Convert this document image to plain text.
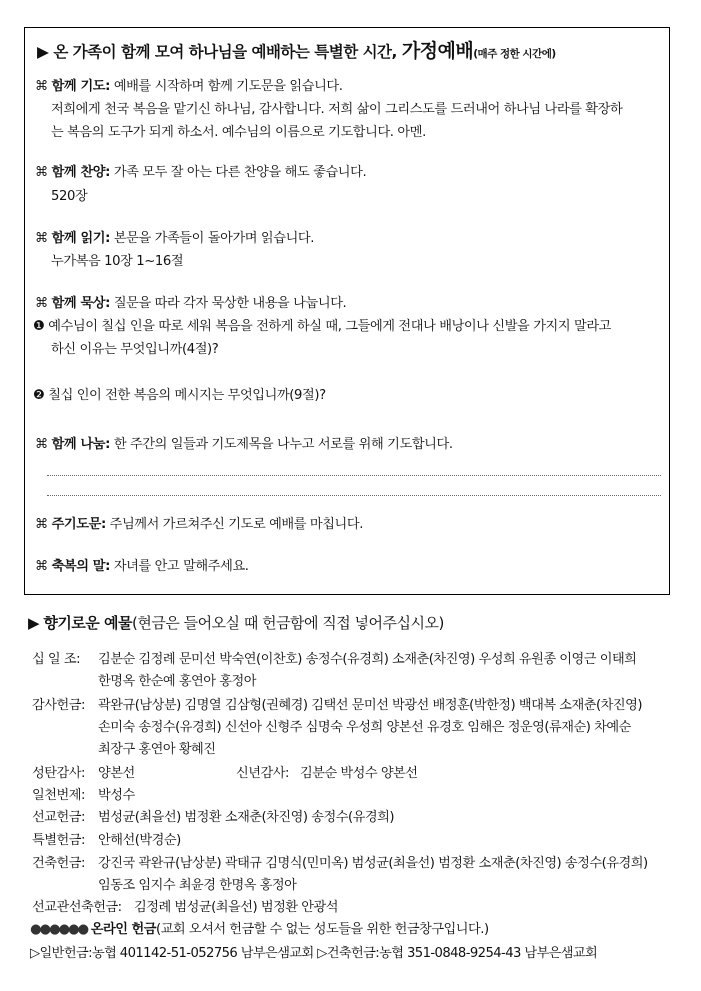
▶ 온 가족이 함께 모여 하나님을 예배하는 특별한 시간, 가정예배(매주 정한 시간에)
⌘ 함께 기도: 예배를 시작하며 함께 기도문을 읽습니다.
저희에게 천국 복음을 맡기신 하나님, 감사합니다. 저희 삶이 그리스도를 드러내어 하나님 나라를 확장하
는 복음의 도구가 되게 하소서. 예수님의 이름으로 기도합니다. 아멘.
⌘ 함께 찬양: 가족 모두 잘 아는 다른 찬양을 해도 좋습니다.
520장
⌘ 함께 읽기: 본문을 가족들이 돌아가며 읽습니다.
누가복음 10장 1~16절
⌘ 함께 묵상: 질문을 따라 각자 묵상한 내용을 나눕니다.
❶ 예수님이 칠십 인을 따로 세워 복음을 전하게 하실 때, 그들에게 전대나 배낭이나 신발을 가지지 말라고
하신 이유는 무엇입니까(4절)?
❷ 칠십 인이 전한 복음의 메시지는 무엇입니까(9절)?
⌘ 함께 나눔: 한 주간의 일들과 기도제목을 나누고 서로를 위해 기도합니다.
⌘ 주기도문: 주님께서 가르쳐주신 기도로 예배를 마칩니다.
⌘ 축복의 말: 자녀를 안고 말해주세요.
▶ 향기로운 예물(현금은 들어오실 때 헌금함에 직접 넣어주십시오)
십 일 조: 김분순 김정례 문미선 박숙연(이찬호) 송정수(유경희) 소재춘(차진영) 우성희 유원종 이영근 이태희
한명옥 한순예 홍연아 홍정아
감사헌금: 곽완규(남상분) 김명열 김삼형(권혜경) 김택선 문미선 박광선 배정훈(박한정) 백대복 소재춘(차진영)
손미숙 송정수(유경희) 신선아 신형주 심명숙 우성희 양본선 유경호 임해은 정운영(류재순) 차예순
최장구 홍연아 황혜진
성탄감사: 양본선	신년감사: 김분순 박성수 양본선
일천번제: 박성수
선교헌금: 범성균(최을선) 범정환 소재춘(차진영) 송정수(유경희)
특별헌금: 안해선(박경순)
건축헌금: 강진국 곽완규(남상분) 곽태규 김명식(민미옥) 범성균(최을선) 범정환 소재춘(차진영) 송정수(유경희)
임동조 임지수 최윤경 한명옥 홍정아
선교관선축헌금: 김정례 범성균(최을선) 범정환 안광석
●●●●●● 온라인 헌금(교회 오셔서 헌금할 수 없는 성도들을 위한 헌금창구입니다.)
▷일반헌금:농협 401142-51-052756 남부은샘교회 ▷건축헌금:농협 351-0848-9254-43 남부은샘교회
